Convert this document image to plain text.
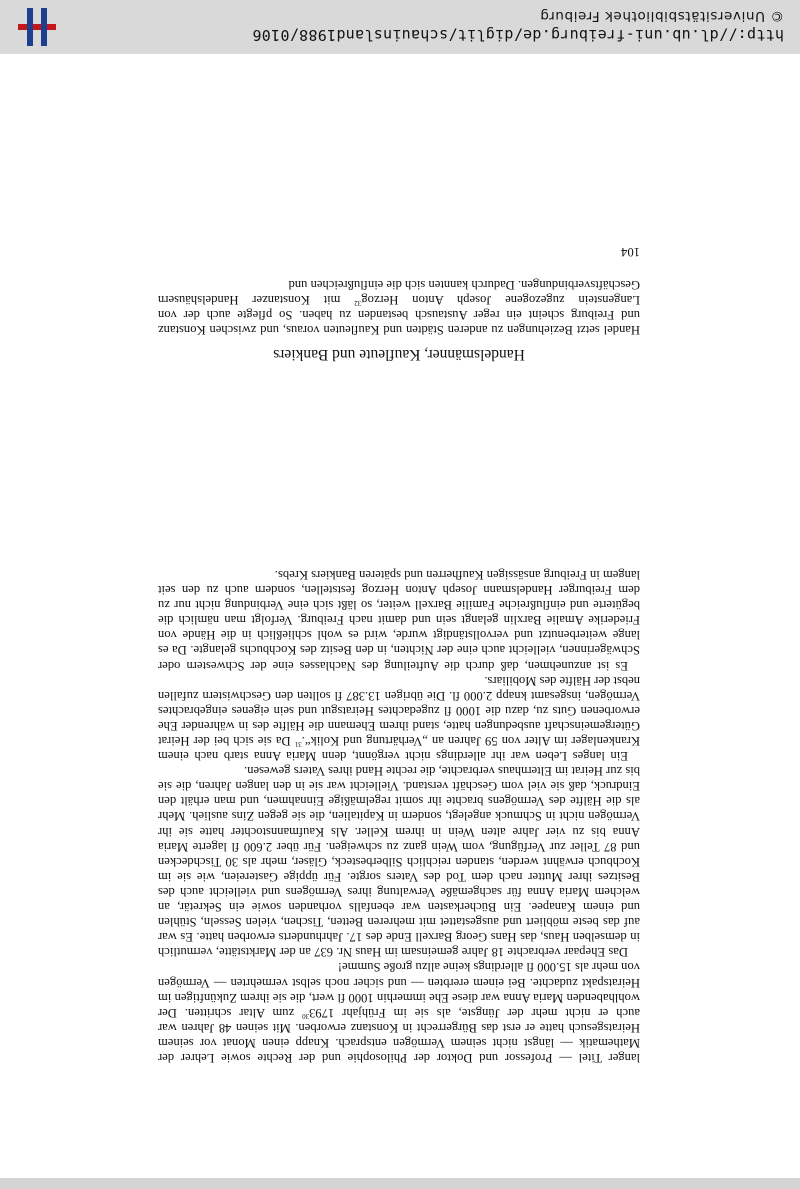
langer Titel — Professor und Doktor der Philosophie und der Rechte sowie Lehrer der Mathematik — längst nicht seinem Vermögen entsprach. Knapp einen Monat vor seinem Heiratsgesuch hatte er erst das Bürgerrecht in Konstanz erworben. Mit seinen 48 Jahren war auch er nicht mehr der Jüngste, als sie im Frühjahr 1793$^{30}$ zum Altar schritten. Der wohlhabenden Maria Anna war diese Ehe immerhin 1000 fl wert, die sie ihrem Zukünftigen im Heiratspakt zudachte. Bei einem ererbten — und sicher noch selbst vermehrten — Vermögen von mehr als 15.000 fl allerdings keine allzu große Summe!

Das Ehepaar verbrachte 18 Jahre gemeinsam im Haus Nr. 637 an der Marktstätte, vermutlich in demselben Haus, das Hans Georg Barxell Ende des 17. Jahrhunderts erworben hatte. Es war auf das beste möbliert und ausgestattet mit mehreren Betten, Tischen, vielen Sesseln, Stühlen und einem Kanapee. Ein Bücherkasten war ebenfalls vorhanden sowie ein Sekretär, an welchem Maria Anna für sachgemäße Verwaltung ihres Vermögens und vielleicht auch des Besitzes ihrer Mutter nach dem Tod des Vaters sorgte. Für üppige Gastereien, wie sie im Kochbuch erwähnt werden, standen reichlich Silberbesteck, Gläser, mehr als 30 Tischdecken und 87 Teller zur Verfügung, vom Wein ganz zu schweigen. Für über 2.600 fl lagerte Maria Anna bis zu vier Jahre alten Wein in ihrem Keller. Als Kaufmannstochter hatte sie ihr Vermögen nicht in Schmuck angelegt, sondern in Kapitalien, die sie gegen Zins auslieh. Mehr als die Hälfte des Vermögens brachte ihr somit regelmäßige Einnahmen, und man erhält den Eindruck, daß sie viel vom Geschäft verstand. Vielleicht war sie in den langen Jahren, die sie bis zur Heirat im Elternhaus verbrachte, die rechte Hand ihres Vaters gewesen.

Ein langes Leben war ihr allerdings nicht vergönnt, denn Maria Anna starb nach einem Krankenlager im Alter von 59 Jahren an „Verhärtung und Kolik“.$^{31}$ Da sie sich bei der Heirat Gütergemeinschaft ausbedungen hatte, stand ihrem Ehemann die Hälfte des in währender Ehe erworbenen Guts zu, dazu die 1000 fl zugedachtes Heiratsgut und sein eigenes eingebrachtes Vermögen, insgesamt knapp 2.000 fl. Die übrigen 13.387 fl sollten den Geschwistern zufallen nebst der Hälfte des Mobiliars.

Es ist anzunehmen, daß durch die Aufteilung des Nachlasses eine der Schwestern oder Schwägerinnen, vielleicht auch eine der Nichten, in den Besitz des Kochbuchs gelangte. Da es lange weiterbenutzt und vervollständigt wurde, wird es wohl schließlich in die Hände von Friederike Amalie Barxlin gelangt sein und damit nach Freiburg. Verfolgt man nämlich die begüterte und einflußreiche Familie Barxell weiter, so läßt sich eine Verbindung nicht nur zu dem Freiburger Handelsmann Joseph Anton Herzog feststellen, sondern auch zu den seit langem in Freiburg ansässigen Kaufherren und späteren Bankiers Krebs.

Handelsmänner, Kaufleute und Bankiers

Handel setzt Beziehungen zu anderen Städten und Kaufleuten voraus, und zwischen Konstanz und Freiburg scheint ein reger Austausch bestanden zu haben. So pflegte auch der von Langenstein zugezogene Joseph Anton Herzog$^{32}$ mit Konstanzer Handelshäusern Geschäftsverbindungen. Dadurch kannten sich die einflußreichen und

104
http://dl.ub.uni-freiburg.de/diglit/schauinsland1988/0106
© Universitätsbibliothek Freiburg
